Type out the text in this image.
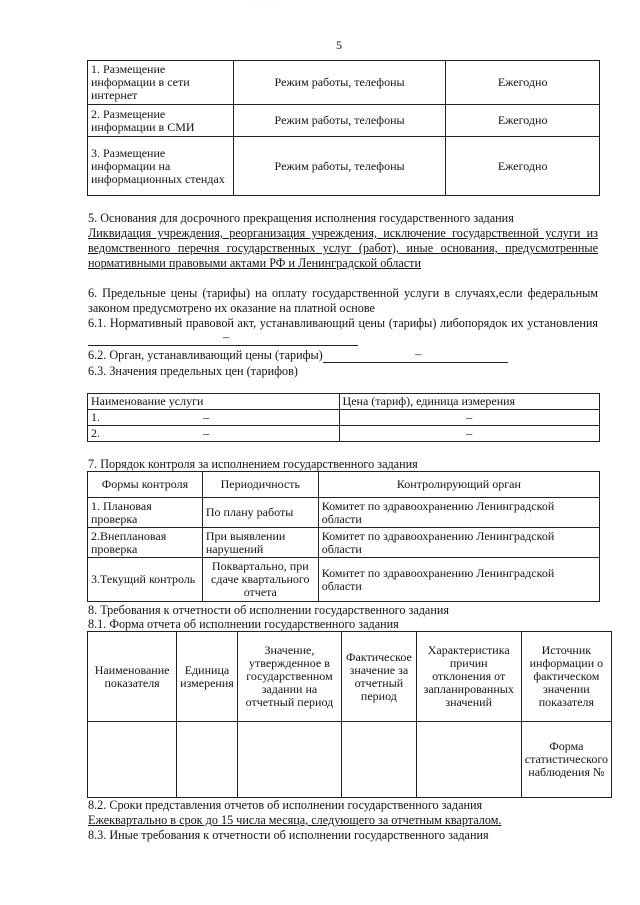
· · · ·
5
1. Размещение информации в сети интернет	Режим работы, телефоны	Ежегодно
2. Размещение информации в СМИ	Режим работы, телефоны	Ежегодно
3. Размещение информации на информационных стендах	Режим работы, телефоны	Ежегодно
5. Основания для досрочного прекращения исполнения государственного задания
Ликвидация учреждения, реорганизация учреждения, исключение государственной услуги из ведомственного перечня государственных услуг (работ), иные основания, предусмотренные нормативными правовыми актами РФ и Ленинградской области
6. Предельные цены (тарифы) на оплату государственной услуги в случаях,если федеральным законом предусмотрено их оказание на платной основе
6.1. Нормативный правовой акт, устанавливающий цены (тарифы) либопорядок их установления
–
6.2. Орган, устанавливающий цены (тарифы)	–
6.3. Значения предельных цен (тарифов)
Наименование услуги	Цена (тариф), единица измерения
1. –	–
2. –	–
7. Порядок контроля за исполнением государственного задания
Формы контроля	Периодичность	Контролирующий орган
1. Плановая проверка	По плану работы	Комитет по здравоохранению Ленинградской области
2.Внеплановая проверка	При выявлении нарушений	Комитет по здравоохранению Ленинградской области
3.Текущий контроль	Поквартально, при сдаче квартального отчета	Комитет по здравоохранению Ленинградской области
8. Требования к отчетности об исполнении государственного задания
8.1. Форма отчета об исполнении государственного задания
Наименование показателя	Единица измерения	Значение, утвержденное в государственном задании на отчетный период	Фактическое значение за отчетный период	Характеристика причин отклонения от запланированных значений	Источник информации о фактическом значении показателя
					Форма статистического наблюдения №
8.2. Сроки представления отчетов об исполнении государственного задания
Ежеквартально в срок до 15 числа месяца, следующего за отчетным кварталом.
8.3. Иные требования к отчетности об исполнении государственного задания
